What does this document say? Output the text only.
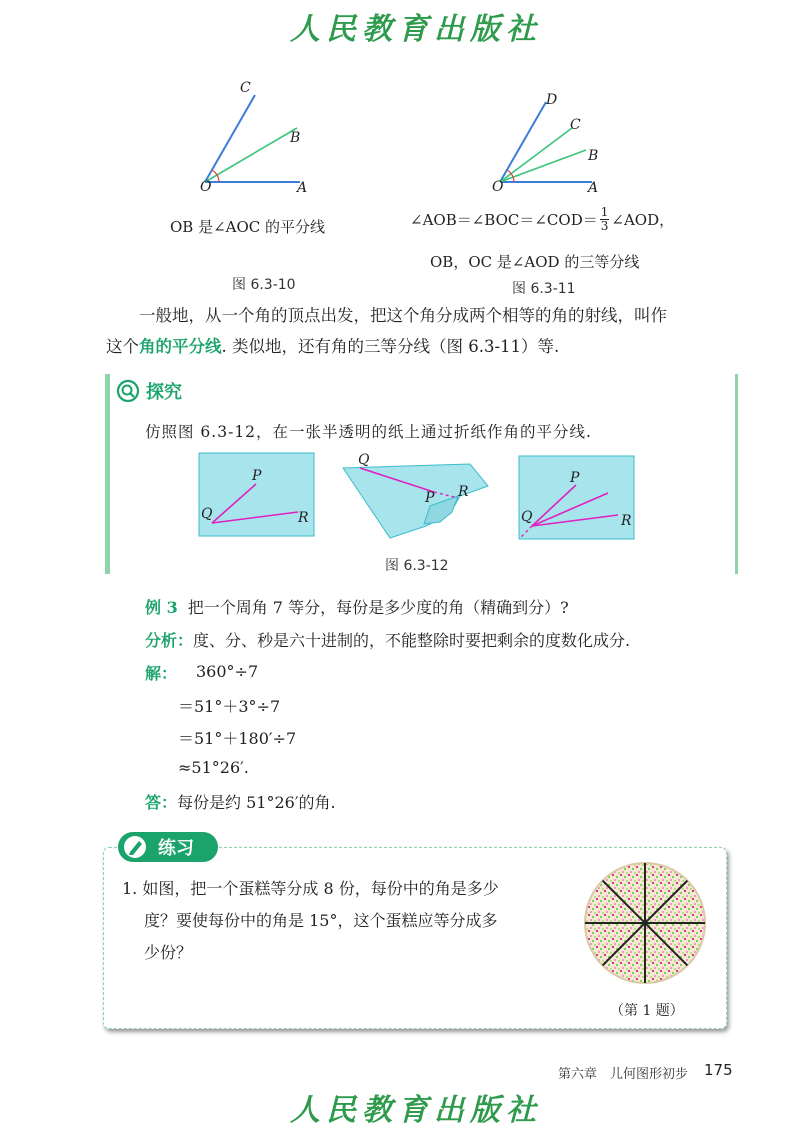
人民教育出版社
C
B
O	A
OB 是∠AOC 的平分线
图 6.3-10
D
C
B
O	A
∠AOB＝∠BOC＝∠COD＝ $\frac{1}{3}$ ∠AOD，
OB，OC 是∠AOD 的三等分线
图 6.3-11
一般地，从一个角的顶点出发，把这个角分成两个相等的角的射线，叫作
这个角的平分线. 类似地，还有角的三等分线（图 6.3-11）等.
探究
仿照图 6.3-12，在一张半透明的纸上通过折纸作角的平分线.
P
Q	R
Q
P R
P
Q	R
图 6.3-12
例 3 把一个周角 7 等分，每份是多少度的角（精确到分）?
分析：度、分、秒是六十进制的，不能整除时要把剩余的度数化成分.
解： 360°÷7
＝51°＋3°÷7
＝51°＋180′÷7
≈51°26′.
答：每份是约 51°26′的角.
练习
1. 如图，把一个蛋糕等分成 8 份，每份中的角是多少
度？要使每份中的角是 15°，这个蛋糕应等分成多
少份？
（第 1 题）
第六章　儿何图形初步 175
人民教育出版社
